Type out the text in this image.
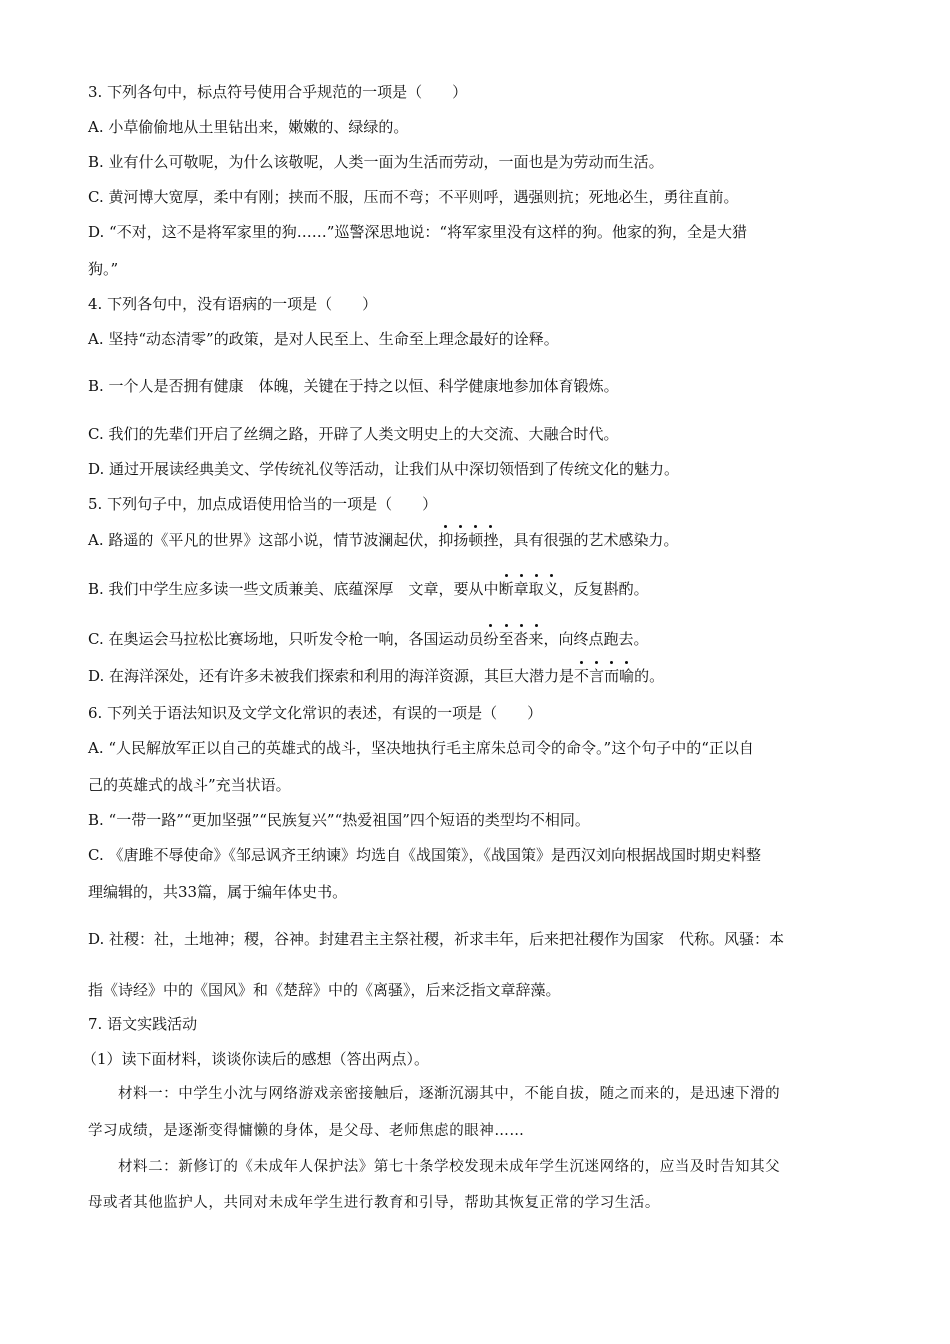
3. 下列各句中，标点符号使用合乎规范的一项是（　　）

A. 小草偷偷地从土里钻出来，嫩嫩的、绿绿的。

B. 业有什么可敬呢，为什么该敬呢，人类一面为生活而劳动，一面也是为劳动而生活。

C. 黄河博大宽厚，柔中有刚；挟而不服，压而不弯；不平则呼，遇强则抗；死地必生，勇往直前。

D. “不对，这不是将军家里的狗……”巡警深思地说：“将军家里没有这样的狗。他家的狗，全是大猎

狗。”

4. 下列各句中，没有语病的一项是（　　）

A. 坚持“动态清零”的政策，是对人民至上、生命至上理念最好的诠释。

B. 一个人是否拥有健康　体魄，关键在于持之以恒、科学健康地参加体育锻炼。

C. 我们的先辈们开启了丝绸之路，开辟了人类文明史上的大交流、大融合时代。

D. 通过开展读经典美文、学传统礼仪等活动，让我们从中深切领悟到了传统文化的魅力。

5. 下列句子中，加点成语使用恰当的一项是（　　）

A. 路遥的《平凡的世界》这部小说，情节波澜起伏，抑扬顿挫，具有很强的艺术感染力。

B. 我们中学生应多读一些文质兼美、底蕴深厚　文章，要从中断章取义，反复斟酌。

C. 在奥运会马拉松比赛场地，只听发令枪一响，各国运动员纷至沓来，向终点跑去。

D. 在海洋深处，还有许多未被我们探索和利用的海洋资源，其巨大潜力是不言而喻的。

6. 下列关于语法知识及文学文化常识的表述，有误的一项是（　　）

A. “人民解放军正以自己的英雄式的战斗，坚决地执行毛主席朱总司令的命令。”这个句子中的“正以自

己的英雄式的战斗”充当状语。

B. “一带一路”“更加坚强”“民族复兴”“热爱祖国”四个短语的类型均不相同。

C. 《唐雎不辱使命》《邹忌讽齐王纳谏》均选自《战国策》，《战国策》是西汉刘向根据战国时期史料整

理编辑的，共33篇，属于编年体史书。

D. 社稷：社，土地神；稷，谷神。封建君主主祭社稷，祈求丰年，后来把社稷作为国家　代称。风骚：本

指《诗经》中的《国风》和《楚辞》中的《离骚》，后来泛指文章辞藻。

7. 语文实践活动

（1）读下面材料，谈谈你读后的感想（答出两点）。

材料一：中学生小沈与网络游戏亲密接触后，逐渐沉溺其中，不能自拔，随之而来的，是迅速下滑的

学习成绩，是逐渐变得慵懒的身体，是父母、老师焦虑的眼神……

材料二：新修订的《未成年人保护法》第七十条学校发现未成年学生沉迷网络的，应当及时告知其父

母或者其他监护人，共同对未成年学生进行教育和引导，帮助其恢复正常的学习生活。
